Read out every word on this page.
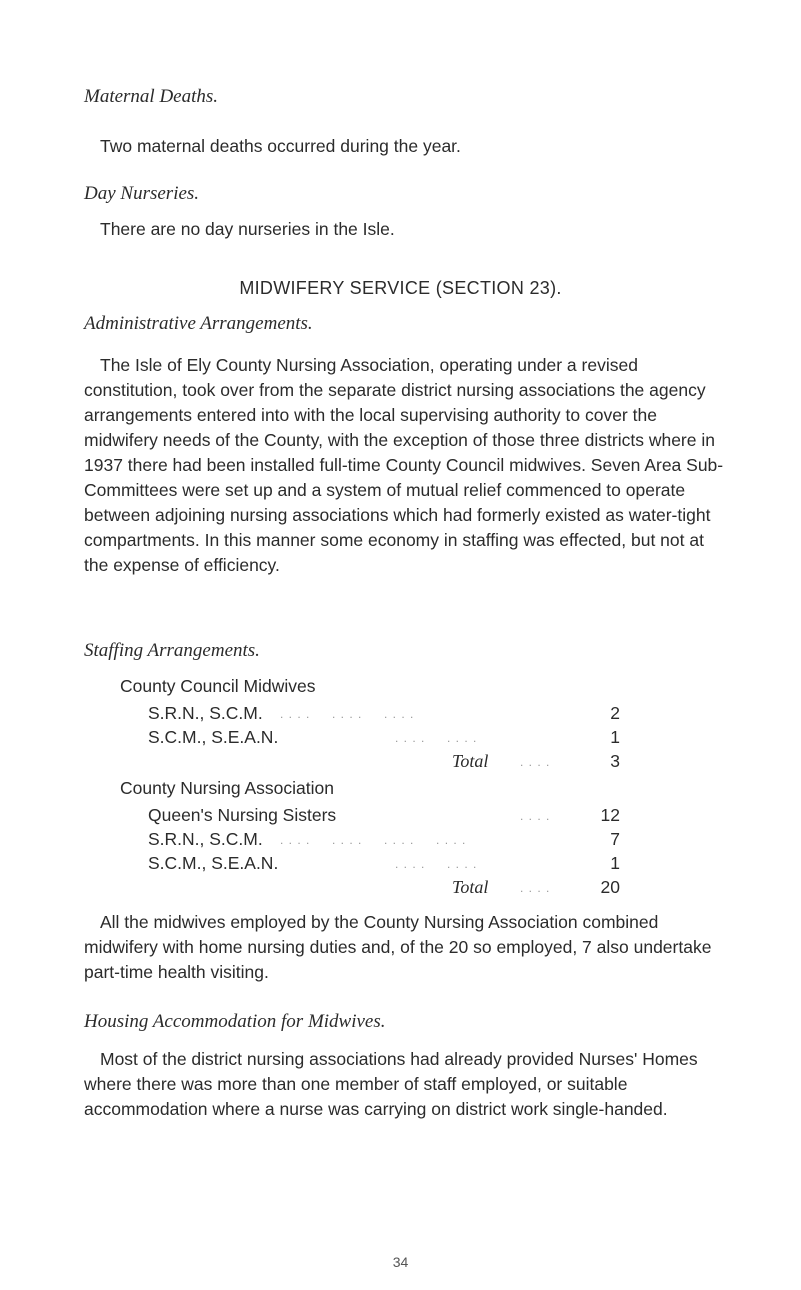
Maternal Deaths.
Two maternal deaths occurred during the year.
Day Nurseries.
There are no day nurseries in the Isle.
MIDWIFERY SERVICE (SECTION 23).
Administrative Arrangements.
The Isle of Ely County Nursing Association, operating under a revised constitution, took over from the separate district nursing associations the agency arrangements entered into with the local supervising authority to cover the midwifery needs of the County, with the exception of those three districts where in 1937 there had been installed full-time County Council midwives. Seven Area Sub-Committees were set up and a system of mutual relief commenced to operate between adjoining nursing associations which had formerly existed as water-tight compartments. In this manner some economy in staffing was effected, but not at the expense of efficiency.
Staffing Arrangements.
County Council Midwives
S.R.N., S.C.M. . . . .     . . . .     . . . .	2
S.C.M., S.E.A.N.	. . . .     . . . .	1
Total	. . . .	3
County Nursing Association
Queen's Nursing Sisters	. . . .	12
S.R.N., S.C.M. . . . .     . . . .     . . . .     . . . .	7
S.C.M., S.E.A.N.	. . . .     . . . .	1
Total	. . . .	20
All the midwives employed by the County Nursing Association combined midwifery with home nursing duties and, of the 20 so employed, 7 also undertake part-time health visiting.
Housing Accommodation for Midwives.
Most of the district nursing associations had already provided Nurses' Homes where there was more than one member of staff employed, or suitable accommodation where a nurse was carrying on district work single-handed.
34
